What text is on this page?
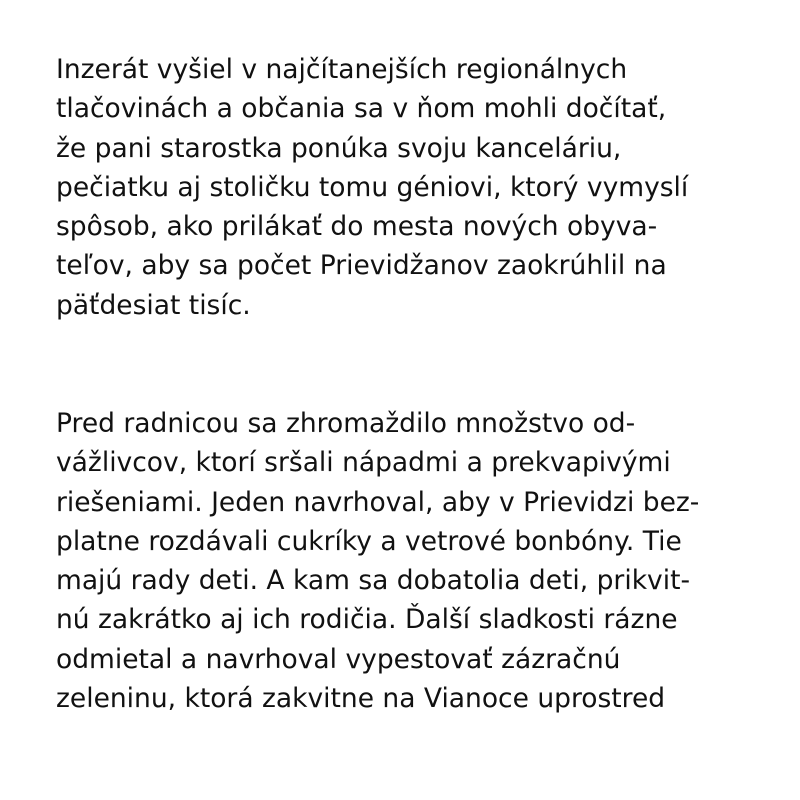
Inzerát vyšiel v najčítanejších regionálnych
tlačovinách a občania sa v ňom mohli dočítať,
že pani starostka ponúka svoju kanceláriu,
pečiatku aj stoličku tomu géniovi, ktorý vymyslí
spôsob, ako prilákať do mesta nových obyva-
teľov, aby sa počet Prievidžanov zaokrúhlil na
päťdesiat tisíc.
Pred radnicou sa zhromaždilo množstvo od-
vážlivcov, ktorí sršali nápadmi a prekvapivými
riešeniami. Jeden navrhoval, aby v Prievidzi bez-
platne rozdávali cukríky a vetrové bonbóny. Tie
majú rady deti. A kam sa dobatolia deti, prikvit-
nú zakrátko aj ich rodičia. Ďalší sladkosti rázne
odmietal a navrhoval vypestovať zázračnú
zeleninu, ktorá zakvitne na Vianoce uprostred
